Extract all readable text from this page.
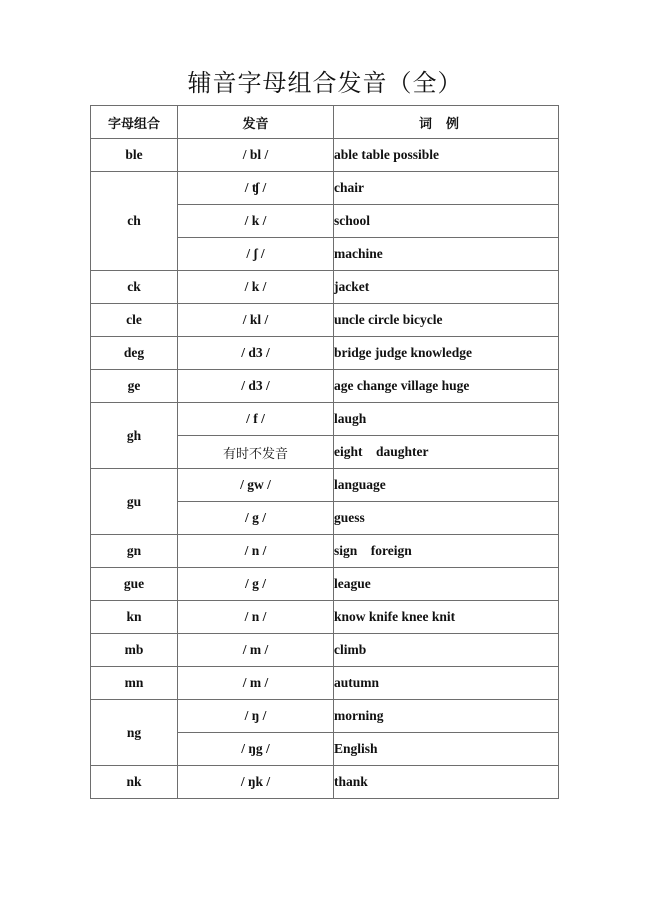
辅音字母组合发音（全）
字母组合	发音	词例
ble	/ bl /	able table possible
ch	/ ʧ /	chair
	/ k /	school
	/ ʃ /	machine
ck	/ k /	jacket
cle	/ kl /	uncle circle bicycle
deg	/ d3 /	bridge judge knowledge
ge	/ d3 /	age change village huge
gh	/ f /	laugh
	有时不发音	eight    daughter
gu	/ gw /	language
	/ g /	guess
gn	/ n /	sign    foreign
gue	/ g /	league
kn	/ n /	know knife knee knit
mb	/ m /	climb
mn	/ m /	autumn
ng	/ ŋ /	morning
	/ ŋg /	English
nk	/ ŋk /	thank
